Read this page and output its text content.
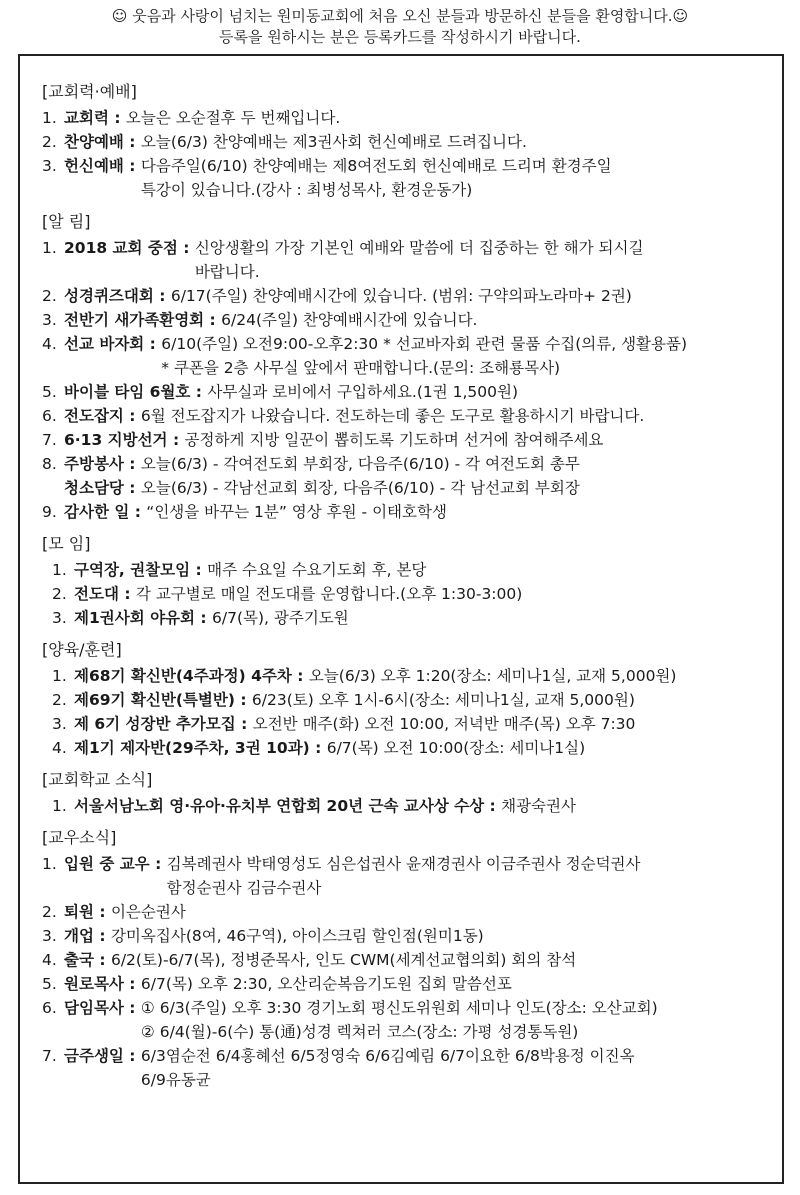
☺ 웃음과 사랑이 넘치는 원미동교회에 처음 오신 분들과 방문하신 분들을 환영합니다.☺
등록을 원하시는 분은 등록카드를 작성하시기 바랍니다.
[교회력·예배]
1. 교회력 : 오늘은 오순절후 두 번째입니다.
2. 찬양예배 : 오늘(6/3) 찬양예배는 제3권사회 헌신예배로 드려집니다.
3. 헌신예배 : 다음주일(6/10) 찬양예배는 제8여전도회 헌신예배로 드리며 환경주일
특강이 있습니다.(강사 : 최병성목사, 환경운동가)
[알 림]
1. 2018 교회 중점 : 신앙생활의 가장 기본인 예배와 말씀에 더 집중하는 한 해가 되시길
바랍니다.
2. 성경퀴즈대회 : 6/17(주일) 찬양예배시간에 있습니다. (범위: 구약의파노라마+ 2권)
3. 전반기 새가족환영회 : 6/24(주일) 찬양예배시간에 있습니다.
4. 선교 바자회 : 6/10(주일) 오전9:00-오후2:30 * 선교바자회 관련 물품 수집(의류, 생활용품)
* 쿠폰을 2층 사무실 앞에서 판매합니다.(문의: 조해룡목사)
5. 바이블 타임 6월호 : 사무실과 로비에서 구입하세요.(1권 1,500원)
6. 전도잡지 : 6월 전도잡지가 나왔습니다. 전도하는데 좋은 도구로 활용하시기 바랍니다.
7. 6·13 지방선거 : 공정하게 지방 일꾼이 뽑히도록 기도하며 선거에 참여해주세요
8. 주방봉사 : 오늘(6/3) - 각여전도회 부회장, 다음주(6/10) - 각 여전도회 총무
청소담당 : 오늘(6/3) - 각남선교회 회장, 다음주(6/10) - 각 남선교회 부회장
9. 감사한 일 : “인생을 바꾸는 1분” 영상 후원 - 이태호학생
[모 임]
1. 구역장, 권찰모임 : 매주 수요일 수요기도회 후, 본당
2. 전도대 : 각 교구별로 매일 전도대를 운영합니다.(오후 1:30-3:00)
3. 제1권사회 야유회 : 6/7(목), 광주기도원
[양육/훈련]
1. 제68기 확신반(4주과정) 4주차 : 오늘(6/3) 오후 1:20(장소: 세미나1실, 교재 5,000원)
2. 제69기 확신반(특별반) : 6/23(토) 오후 1시-6시(장소: 세미나1실, 교재 5,000원)
3. 제 6기 성장반 추가모집 : 오전반 매주(화) 오전 10:00, 저녁반 매주(목) 오후 7:30
4. 제1기 제자반(29주차, 3권 10과) : 6/7(목) 오전 10:00(장소: 세미나1실)
[교회학교 소식]
1. 서울서남노회 영·유아·유치부 연합회 20년 근속 교사상 수상 : 채광숙권사
[교우소식]
1. 입원 중 교우 : 김복례권사 박태영성도 심은섭권사 윤재경권사 이금주권사 정순덕권사
함정순권사 김금수권사
2. 퇴원 : 이은순권사
3. 개업 : 강미옥집사(8여, 46구역), 아이스크림 할인점(원미1동)
4. 출국 : 6/2(토)-6/7(목), 정병준목사, 인도 CWM(세계선교협의회) 회의 참석
5. 원로목사 : 6/7(목) 오후 2:30, 오산리순복음기도원 집회 말씀선포
6. 담임목사 : ① 6/3(주일) 오후 3:30 경기노회 평신도위원회 세미나 인도(장소: 오산교회)
② 6/4(월)-6(수) 통(通)성경 렉쳐러 코스(장소: 가평 성경통독원)
7. 금주생일 : 6/3염순전 6/4홍혜선 6/5정영숙 6/6김예림 6/7이요한 6/8박용정 이진옥
6/9유동균
